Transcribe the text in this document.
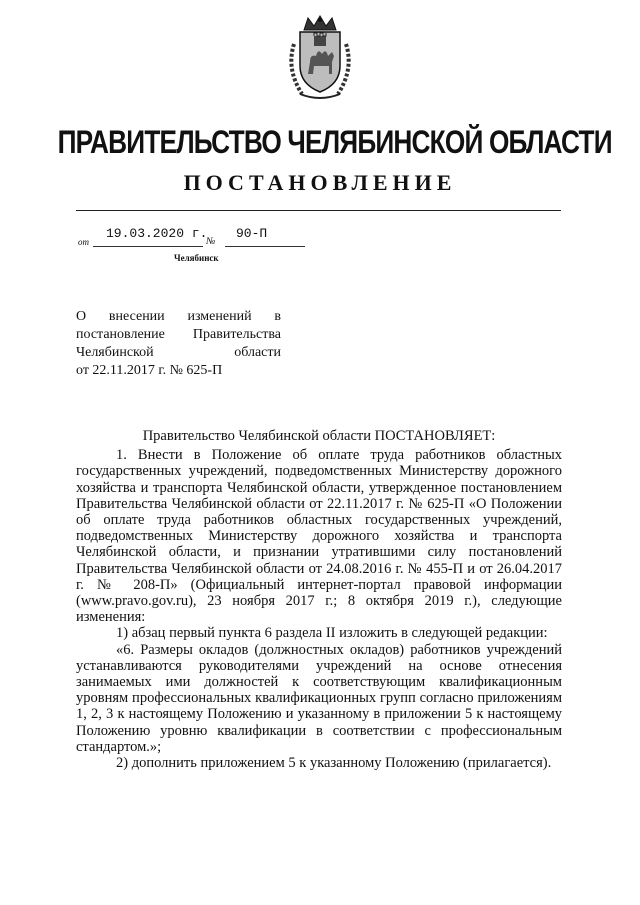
ПРАВИТЕЛЬСТВО ЧЕЛЯБИНСКОЙ ОБЛАСТИ
ПОСТАНОВЛЕНИЕ
от
19.03.2020 г.
№
90-П
Челябинск
О внесении изменений в
постановление Правительства
Челябинской области
от 22.11.2017 г. № 625-П

Правительство Челябинской области ПОСТАНОВЛЯЕТ:

1. Внести в Положение об оплате труда работников областных государственных учреждений, подведомственных Министерству дорожного хозяйства и транспорта Челябинской области, утвержденное постановлением Правительства Челябинской области от 22.11.2017 г. № 625-П «О Положении об оплате труда работников областных государственных учреждений, подведомственных Министерству дорожного хозяйства и транспорта Челябинской области, и признании утратившими силу постановлений Правительства Челябинской области от 24.08.2016 г. № 455-П и от 26.04.2017 г. № 208-П» (Официальный интернет-портал правовой информации (www.pravo.gov.ru), 23 ноября 2017 г.; 8 октября 2019 г.), следующие изменения:

1) абзац первый пункта 6 раздела II изложить в следующей редакции:

«6. Размеры окладов (должностных окладов) работников учреждений устанавливаются руководителями учреждений на основе отнесения занимаемых ими должностей к соответствующим квалификационным уровням профессиональных квалификационных групп согласно приложениям 1, 2, 3 к настоящему Положению и указанному в приложении 5 к настоящему Положению уровню квалификации в соответствии с профессиональным стандартом.»;

2) дополнить приложением 5 к указанному Положению (прилагается).
